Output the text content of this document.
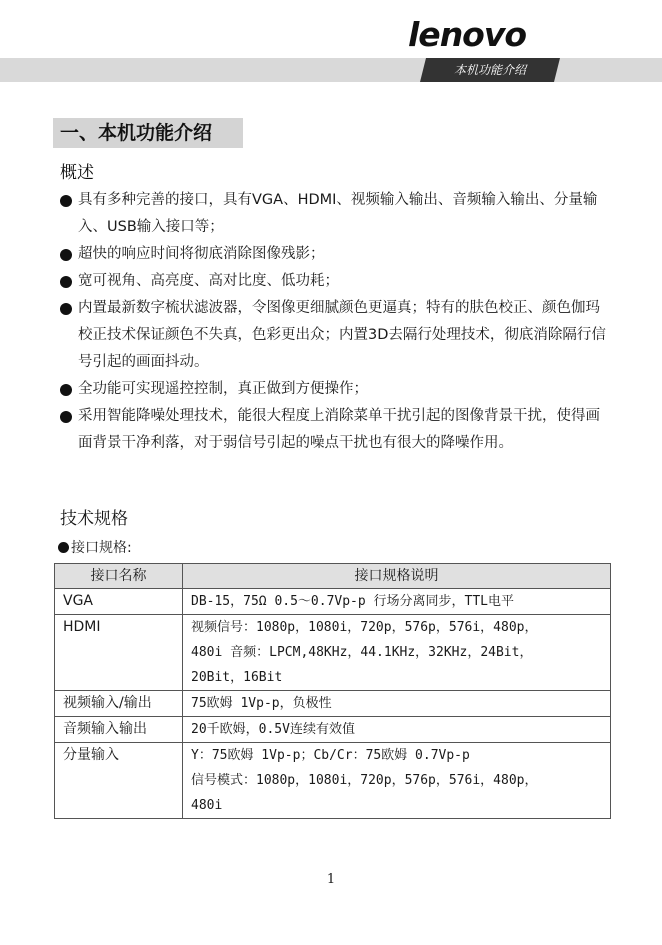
lenovo
本机功能介绍
一、本机功能介绍
概述
具有多种完善的接口，具有VGA、HDMI、视频输入输出、音频输入输出、分量输入、USB输入接口等；
超快的响应时间将彻底消除图像残影；
宽可视角、高亮度、高对比度、低功耗；
内置最新数字梳状滤波器，令图像更细腻颜色更逼真；特有的肤色校正、颜色伽玛校正技术保证颜色不失真，色彩更出众；内置3D去隔行处理技术，彻底消除隔行信号引起的画面抖动。
全功能可实现遥控控制，真正做到方便操作；
采用智能降噪处理技术，能很大程度上消除菜单干扰引起的图像背景干扰，使得画面背景干净利落，对于弱信号引起的噪点干扰也有很大的降噪作用。
技术规格
接口规格:
接口名称	接口规格说明
VGA	DB-15，75Ω 0.5～0.7Vp-p 行场分离同步，TTL电平

HDMI	视频信号：1080p，1080i，720p，576p，576i，480p，
480i 音频：LPCM,48KHz，44.1KHz，32KHz，24Bit，
20Bit，16Bit

视频输入/输出	75欧姆 1Vp-p，负极性

音频输入输出	20千欧姆，0.5V连续有效值

分量输入	Y：75欧姆 1Vp-p；Cb/Cr：75欧姆 0.7Vp-p
信号模式：1080p，1080i，720p，576p，576i，480p，
480i
1
